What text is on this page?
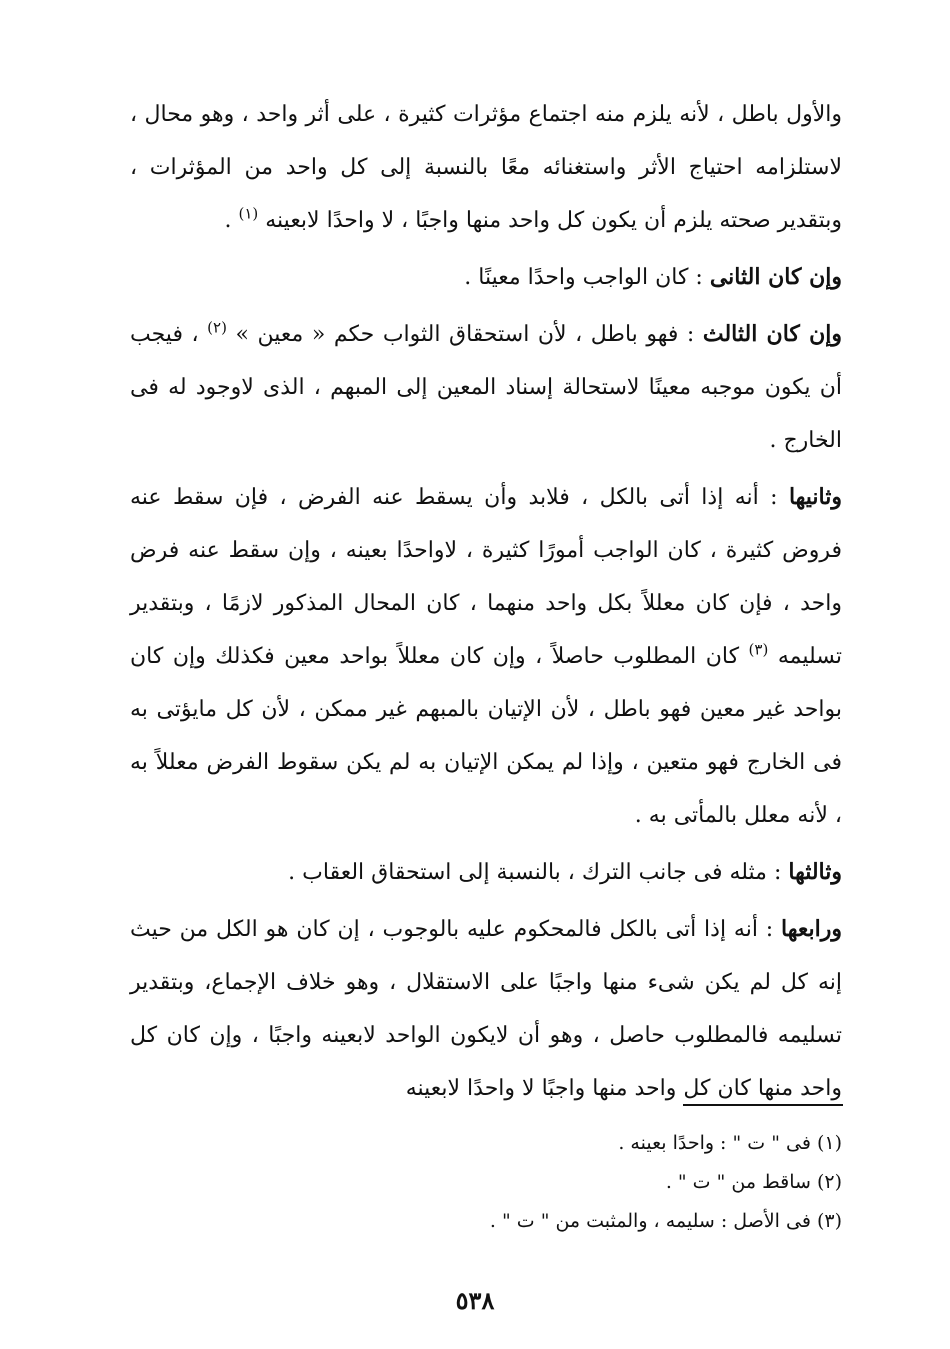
والأول باطل ، لأنه يلزم منه اجتماع مؤثرات كثيرة ، على أثر واحد ، وهو محال ، لاستلزامه احتياج الأثر واستغنائه معًا بالنسبة إلى كل واحد من المؤثرات ، وبتقدير صحته يلزم أن يكون كل واحد منها واجبًا ، لا واحدًا لابعينه $^{(١)}$ .

وإن كان الثانى : كان الواجب واحدًا معينًا .

وإن كان الثالث : فهو باطل ، لأن استحقاق الثواب حكم « معين » $^{(٢)}$ ، فيجب أن يكون موجبه معينًا لاستحالة إسناد المعين إلى المبهم ، الذى لاوجود له فى الخارج .

وثانيها : أنه إذا أتى بالكل ، فلابد وأن يسقط عنه الفرض ، فإن سقط عنه فروض كثيرة ، كان الواجب أمورًا كثيرة ، لاواحدًا بعينه ، وإن سقط عنه فرض واحد ، فإن كان معللاً بكل واحد منهما ، كان المحال المذكور لازمًا ، وبتقدير تسليمه $^{(٣)}$ كان المطلوب حاصلاً ، وإن كان معللاً بواحد معين فكذلك وإن كان بواحد غير معين فهو باطل ، لأن الإتيان بالمبهم غير ممكن ، لأن كل مايؤتى به فى الخارج فهو متعين ، وإذا لم يمكن الإتيان به لم يكن سقوط الفرض معللاً به ، لأنه معلل بالمأتى به .

وثالثها : مثله فى جانب الترك ، بالنسبة إلى استحقاق العقاب .

ورابعها : أنه إذا أتى بالكل فالمحكوم عليه بالوجوب ، إن كان هو الكل من حيث إنه كل لم يكن شىء منها واجبًا على الاستقلال ، وهو خلاف الإجماع، وبتقدير تسليمه فالمطلوب حاصل ، وهو أن لايكون الواحد لابعينه واجبًا ، وإن كان كل واحد منها كان كل واحد منها واجبًا لا واحدًا لابعينه

(١) فى " ت " : واحدًا بعينه .

(٢) ساقط من " ت " .

(٣) فى الأصل : سليمه ، والمثبت من " ت " .

٥٣٨
